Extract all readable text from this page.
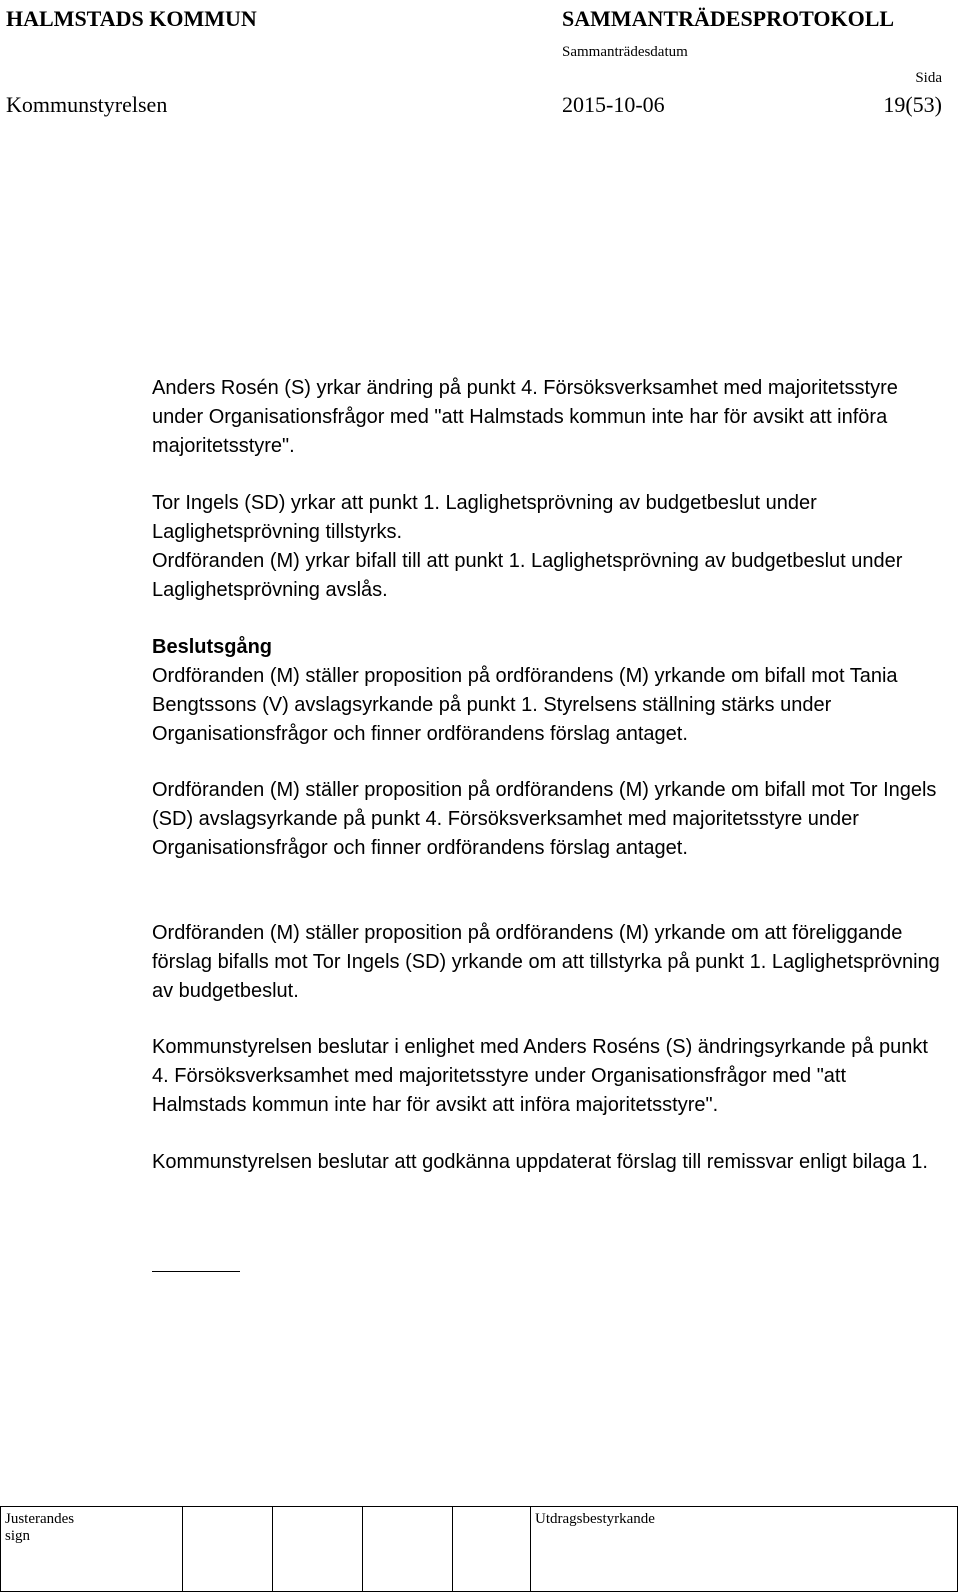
HALMSTADS KOMMUN	SAMMANTRÄDESPROTOKOLL
Sammanträdesdatum
Sida
Kommunstyrelsen	2015-10-06	19(53)

Anders Rosén (S) yrkar ändring på punkt 4. Försöksverksamhet med majoritetsstyre under Organisationsfrågor med "att Halmstads kommun inte har för avsikt att införa majoritetsstyre".

Tor Ingels (SD) yrkar att punkt 1. Laglighetsprövning av budgetbeslut under Laglighetsprövning tillstyrks.

Ordföranden (M) yrkar bifall till att punkt 1. Laglighetsprövning av budgetbeslut under Laglighetsprövning avslås.

Beslutsgång

Ordföranden (M) ställer proposition på ordförandens (M) yrkande om bifall mot Tania Bengtssons (V) avslagsyrkande på punkt 1. Styrelsens ställning stärks under Organisationsfrågor och finner ordförandens förslag antaget.

Ordföranden (M) ställer proposition på ordförandens (M) yrkande om bifall mot Tor Ingels (SD) avslagsyrkande på punkt 4. Försöksverksamhet med majoritetsstyre under Organisationsfrågor och finner ordförandens förslag antaget.

Ordföranden (M) ställer proposition på ordförandens (M) yrkande om att föreliggande förslag bifalls mot Tor Ingels (SD) yrkande om att tillstyrka på punkt 1. Laglighetsprövning av budgetbeslut.

Kommunstyrelsen beslutar i enlighet med Anders Roséns (S) ändringsyrkande på punkt 4. Försöksverksamhet med majoritetsstyre under Organisationsfrågor med "att Halmstads kommun inte har för avsikt att införa majoritetsstyre".

Kommunstyrelsen beslutar att godkänna uppdaterat förslag till remissvar enligt bilaga 1.

Justerandes sign
Utdragsbestyrkande
